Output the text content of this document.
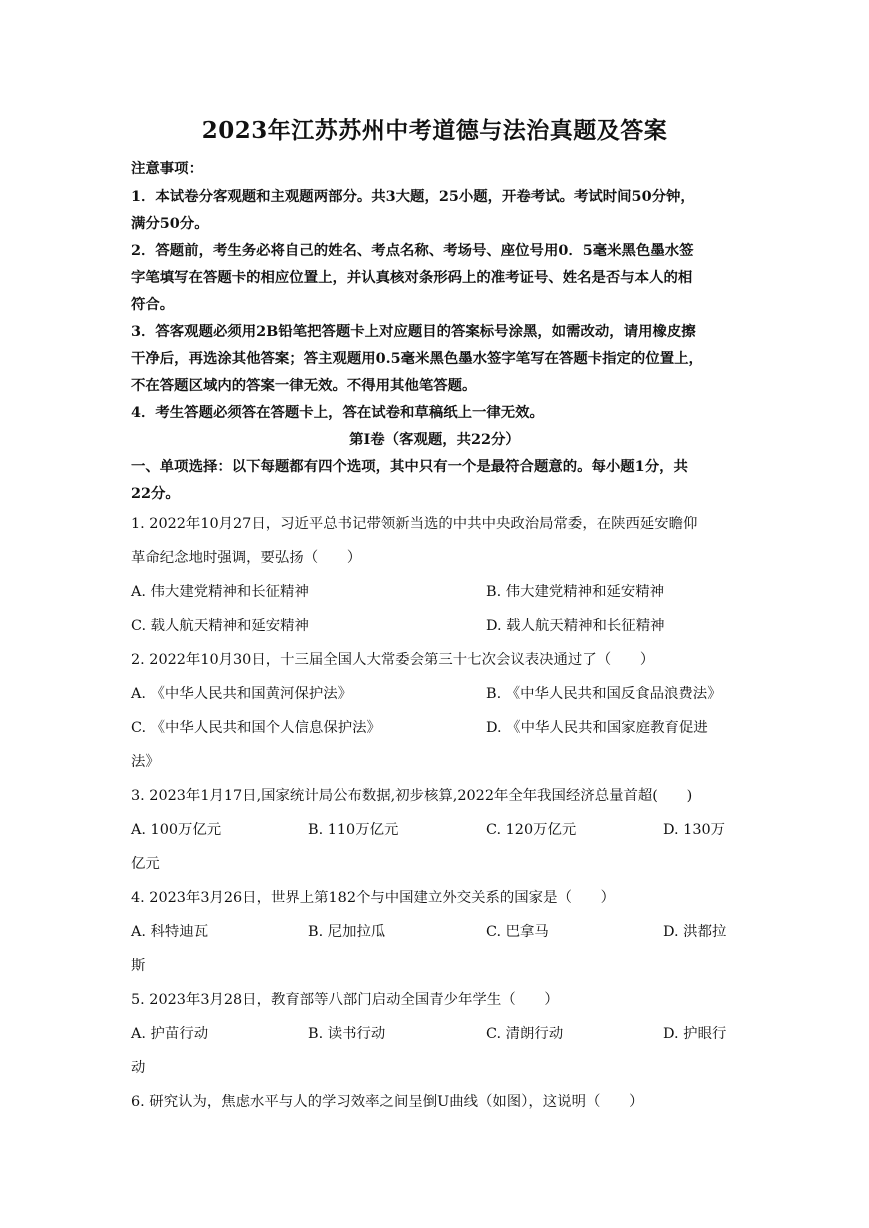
2023年江苏苏州中考道德与法治真题及答案
注意事项：
1．本试卷分客观题和主观题两部分。共3大题，25小题，开卷考试。考试时间50分钟，
满分50分。
2．答题前，考生务必将自己的姓名、考点名称、考场号、座位号用0．5毫米黑色墨水签
字笔填写在答题卡的相应位置上，并认真核对条形码上的准考证号、姓名是否与本人的相
符合。
3．答客观题必须用2B铅笔把答题卡上对应题目的答案标号涂黑，如需改动，请用橡皮擦
干净后，再选涂其他答案；答主观题用0.5毫米黑色墨水签字笔写在答题卡指定的位置上，
不在答题区域内的答案一律无效。不得用其他笔答题。
4．考生答题必须答在答题卡上，答在试卷和草稿纸上一律无效。
第Ⅰ卷（客观题，共22分）
一、单项选择：以下每题都有四个选项，其中只有一个是最符合题意的。每小题1分，共
22分。
1. 2022年10月27日，习近平总书记带领新当选的中共中央政治局常委，在陕西延安瞻仰
革命纪念地时强调，要弘扬（　　）
A. 伟大建党精神和长征精神	B. 伟大建党精神和延安精神
C. 载人航天精神和延安精神	D. 载人航天精神和长征精神
2. 2022年10月30日，十三届全国人大常委会第三十七次会议表决通过了（　　）
A. 《中华人民共和国黄河保护法》	B. 《中华人民共和国反食品浪费法》
C. 《中华人民共和国个人信息保护法》	D. 《中华人民共和国家庭教育促进
法》
3. 2023年1月17日,国家统计局公布数据,初步核算,2022年全年我国经济总量首超(　　)
A. 100万亿元	B. 110万亿元	C. 120万亿元	D. 130万
亿元
4. 2023年3月26日，世界上第182个与中国建立外交关系的国家是（　　）
A. 科特迪瓦	B. 尼加拉瓜	C. 巴拿马	D. 洪都拉
斯
5. 2023年3月28日，教育部等八部门启动全国青少年学生（　　）
A. 护苗行动	B. 读书行动	C. 清朗行动	D. 护眼行
动
6. 研究认为，焦虑水平与人的学习效率之间呈倒U曲线（如图），这说明（　　）
